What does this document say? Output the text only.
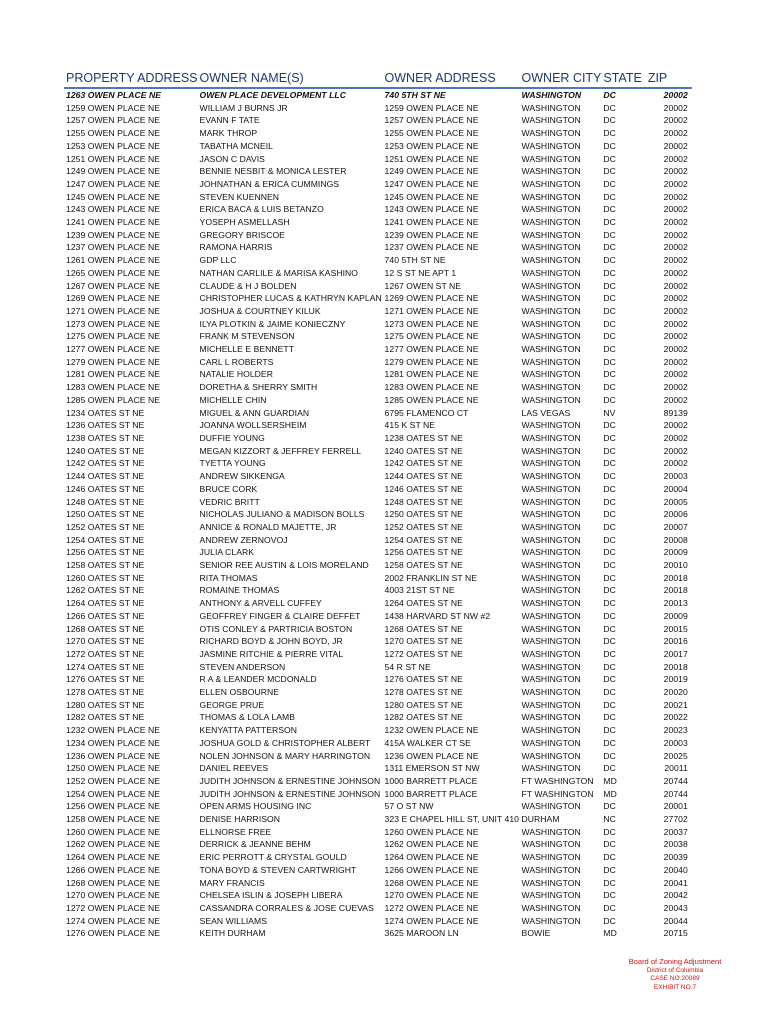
PROPERTY ADDRESS	OWNER NAME(S)	OWNER ADDRESS	OWNER CITY	STATE	ZIP
1263 OWEN PLACE NE	OWEN PLACE DEVELOPMENT LLC	740 5TH ST NE	WASHINGTON	DC	20002
1259 OWEN PLACE NE	WILLIAM J BURNS JR	1259 OWEN PLACE NE	WASHINGTON	DC	20002
1257 OWEN PLACE NE	EVANN F TATE	1257 OWEN PLACE NE	WASHINGTON	DC	20002
1255 OWEN PLACE NE	MARK THROP	1255 OWEN PLACE NE	WASHINGTON	DC	20002
1253 OWEN PLACE NE	TABATHA MCNEIL	1253 OWEN PLACE NE	WASHINGTON	DC	20002
1251 OWEN PLACE NE	JASON C DAVIS	1251 OWEN PLACE NE	WASHINGTON	DC	20002
1249 OWEN PLACE NE	BENNIE NESBIT & MONICA LESTER	1249 OWEN PLACE NE	WASHINGTON	DC	20002
1247 OWEN PLACE NE	JOHNATHAN & ERICA CUMMINGS	1247 OWEN PLACE NE	WASHINGTON	DC	20002
1245 OWEN PLACE NE	STEVEN KUENNEN	1245 OWEN PLACE NE	WASHINGTON	DC	20002
1243 OWEN PLACE NE	ERICA BACA & LUIS BETANZO	1243 OWEN PLACE NE	WASHINGTON	DC	20002
1241 OWEN PLACE NE	YOSEPH ASMELLASH	1241 OWEN PLACE NE	WASHINGTON	DC	20002
1239 OWEN PLACE NE	GREGORY BRISCOE	1239 OWEN PLACE NE	WASHINGTON	DC	20002
1237 OWEN PLACE NE	RAMONA HARRIS	1237 OWEN PLACE NE	WASHINGTON	DC	20002
1261 OWEN PLACE NE	GDP LLC	740 5TH ST NE	WASHINGTON	DC	20002
1265 OWEN PLACE NE	NATHAN CARLILE & MARISA KASHINO	12 S ST NE APT 1	WASHINGTON	DC	20002
1267 OWEN PLACE NE	CLAUDE & H J BOLDEN	1267 OWEN ST NE	WASHINGTON	DC	20002
1269 OWEN PLACE NE	CHRISTOPHER LUCAS & KATHRYN KAPLAN	1269 OWEN PLACE NE	WASHINGTON	DC	20002
1271 OWEN PLACE NE	JOSHUA & COURTNEY KILUK	1271 OWEN PLACE NE	WASHINGTON	DC	20002
1273 OWEN PLACE NE	ILYA PLOTKIN & JAIME KONIECZNY	1273 OWEN PLACE NE	WASHINGTON	DC	20002
1275 OWEN PLACE NE	FRANK M STEVENSON	1275 OWEN PLACE NE	WASHINGTON	DC	20002
1277 OWEN PLACE NE	MICHELLE E BENNETT	1277 OWEN PLACE NE	WASHINGTON	DC	20002
1279 OWEN PLACE NE	CARL L ROBERTS	1279 OWEN PLACE NE	WASHINGTON	DC	20002
1281 OWEN PLACE NE	NATALIE HOLDER	1281 OWEN PLACE NE	WASHINGTON	DC	20002
1283 OWEN PLACE NE	DORETHA & SHERRY SMITH	1283 OWEN PLACE NE	WASHINGTON	DC	20002
1285 OWEN PLACE NE	MICHELLE CHIN	1285 OWEN PLACE NE	WASHINGTON	DC	20002
1234 OATES ST NE	MIGUEL & ANN GUARDIAN	6795 FLAMENCO CT	LAS VEGAS	NV	89139
1236 OATES ST NE	JOANNA WOLLSERSHEIM	415 K ST NE	WASHINGTON	DC	20002
1238 OATES ST NE	DUFFIE YOUNG	1238 OATES ST NE	WASHINGTON	DC	20002
1240 OATES ST NE	MEGAN KIZZORT & JEFFREY FERRELL	1240 OATES ST NE	WASHINGTON	DC	20002
1242 OATES ST NE	TYETTA YOUNG	1242 OATES ST NE	WASHINGTON	DC	20002
1244 OATES ST NE	ANDREW SIKKENGA	1244 OATES ST NE	WASHINGTON	DC	20003
1246 OATES ST NE	BRUCE CORK	1246 OATES ST NE	WASHINGTON	DC	20004
1248 OATES ST NE	VEDRIC BRITT	1248 OATES ST NE	WASHINGTON	DC	20005
1250 OATES ST NE	NICHOLAS JULIANO & MADISON BOLLS	1250 OATES ST NE	WASHINGTON	DC	20006
1252 OATES ST NE	ANNICE & RONALD MAJETTE, JR	1252 OATES ST NE	WASHINGTON	DC	20007
1254 OATES ST NE	ANDREW ZERNOVOJ	1254 OATES ST NE	WASHINGTON	DC	20008
1256 OATES ST NE	JULIA CLARK	1256 OATES ST NE	WASHINGTON	DC	20009
1258 OATES ST NE	SENIOR REE AUSTIN & LOIS MORELAND	1258 OATES ST NE	WASHINGTON	DC	20010
1260 OATES ST NE	RITA THOMAS	2002 FRANKLIN ST NE	WASHINGTON	DC	20018
1262 OATES ST NE	ROMAINE THOMAS	4003 21ST ST NE	WASHINGTON	DC	20018
1264 OATES ST NE	ANTHONY & ARVELL CUFFEY	1264 OATES ST NE	WASHINGTON	DC	20013
1266 OATES ST NE	GEOFFREY FINGER & CLAIRE DEFFET	1438 HARVARD ST NW #2	WASHINGTON	DC	20009
1268 OATES ST NE	OTIS CONLEY & PARTRICIA BOSTON	1268 OATES ST NE	WASHINGTON	DC	20015
1270 OATES ST NE	RICHARD BOYD & JOHN BOYD, JR	1270 OATES ST NE	WASHINGTON	DC	20016
1272 OATES ST NE	JASMINE RITCHIE & PIERRE VITAL	1272 OATES ST NE	WASHINGTON	DC	20017
1274 OATES ST NE	STEVEN ANDERSON	54 R ST NE	WASHINGTON	DC	20018
1276 OATES ST NE	R A & LEANDER MCDONALD	1276 OATES ST NE	WASHINGTON	DC	20019
1278 OATES ST NE	ELLEN OSBOURNE	1278 OATES ST NE	WASHINGTON	DC	20020
1280 OATES ST NE	GEORGE PRUE	1280 OATES ST NE	WASHINGTON	DC	20021
1282 OATES ST NE	THOMAS & LOLA LAMB	1282 OATES ST NE	WASHINGTON	DC	20022
1232 OWEN PLACE NE	KENYATTA PATTERSON	1232 OWEN PLACE NE	WASHINGTON	DC	20023
1234 OWEN PLACE NE	JOSHUA GOLD & CHRISTOPHER ALBERT	415A WALKER CT SE	WASHINGTON	DC	20003
1236 OWEN PLACE NE	NOLEN JOHNSON & MARY HARRINGTON	1236 OWEN PLACE NE	WASHINGTON	DC	20025
1250 OWEN PLACE NE	DANIEL REEVES	1311 EMERSON ST NW	WASHINGTON	DC	20011
1252 OWEN PLACE NE	JUDITH JOHNSON & ERNESTINE JOHNSON	1000 BARRETT PLACE	FT WASHINGTON	MD	20744
1254 OWEN PLACE NE	JUDITH JOHNSON & ERNESTINE JOHNSON	1000 BARRETT PLACE	FT WASHINGTON	MD	20744
1256 OWEN PLACE NE	OPEN ARMS HOUSING INC	57 O ST NW	WASHINGTON	DC	20001
1258 OWEN PLACE NE	DENISE HARRISON	323 E CHAPEL HILL ST, UNIT 410	DURHAM	NC	27702
1260 OWEN PLACE NE	ELLNORSE FREE	1260 OWEN PLACE NE	WASHINGTON	DC	20037
1262 OWEN PLACE NE	DERRICK & JEANNE BEHM	1262 OWEN PLACE NE	WASHINGTON	DC	20038
1264 OWEN PLACE NE	ERIC PERROTT & CRYSTAL GOULD	1264 OWEN PLACE NE	WASHINGTON	DC	20039
1266 OWEN PLACE NE	TONA BOYD & STEVEN CARTWRIGHT	1266 OWEN PLACE NE	WASHINGTON	DC	20040
1268 OWEN PLACE NE	MARY FRANCIS	1268 OWEN PLACE NE	WASHINGTON	DC	20041
1270 OWEN PLACE NE	CHELSEA ISLIN & JOSEPH LIBERA	1270 OWEN PLACE NE	WASHINGTON	DC	20042
1272 OWEN PLACE NE	CASSANDRA CORRALES & JOSE CUEVAS	1272 OWEN PLACE NE	WASHINGTON	DC	20043
1274 OWEN PLACE NE	SEAN WILLIAMS	1274 OWEN PLACE NE	WASHINGTON	DC	20044
1276 OWEN PLACE NE	KEITH DURHAM	3625 MAROON LN	BOWIE	MD	20715
Board of Zoning Adjustment
District of Columbia
CASE NO.20089
EXHIBIT NO.7
